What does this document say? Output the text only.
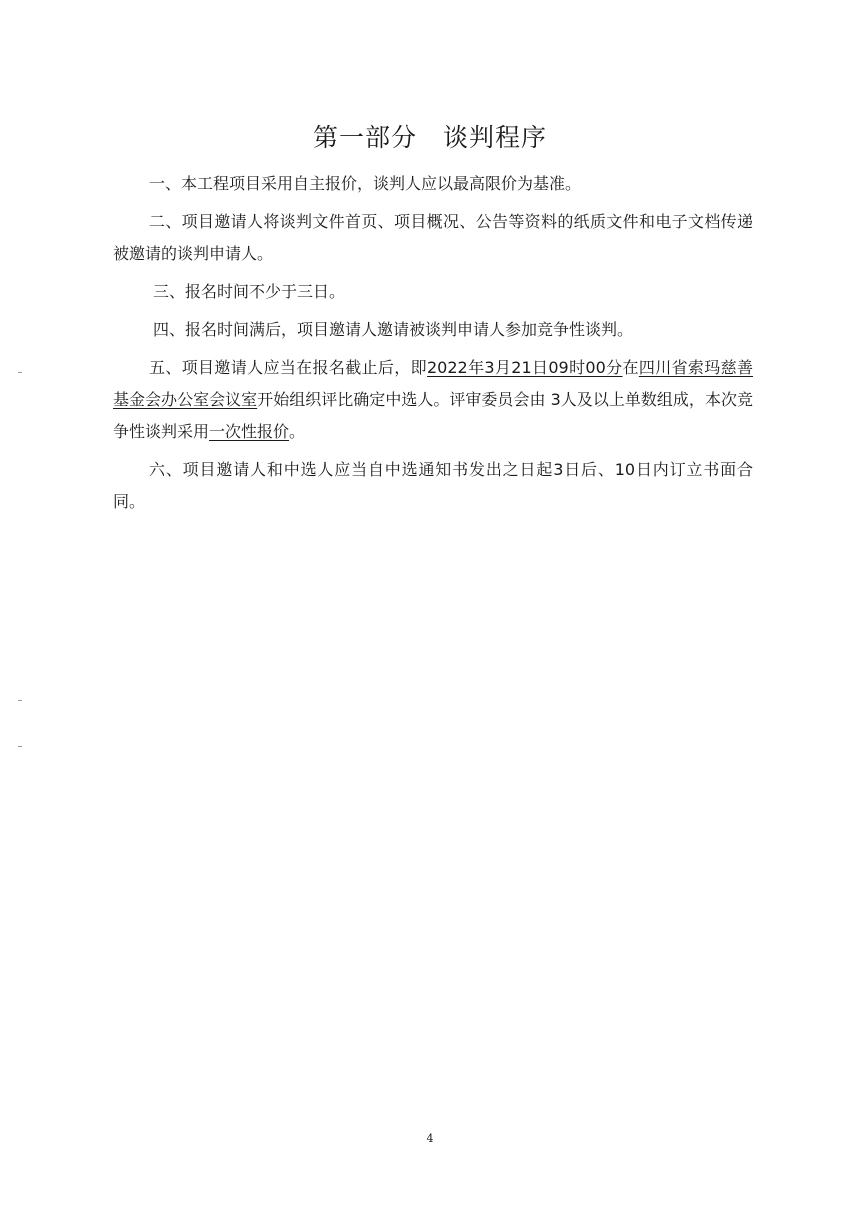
第一部分 谈判程序

一、本工程项目采用自主报价，谈判人应以最高限价为基准。

二、项目邀请人将谈判文件首页、项目概况、公告等资料的纸质文件和电子文档传递被邀请的谈判申请人。

三、报名时间不少于三日。

四、报名时间满后，项目邀请人邀请被谈判申请人参加竞争性谈判。

五、项目邀请人应当在报名截止后，即2022年3月21日09时00分在四川省索玛慈善基金会办公室会议室开始组织评比确定中选人。评审委员会由 3人及以上单数组成，本次竞争性谈判采用一次性报价。

六、项目邀请人和中选人应当自中选通知书发出之日起3日后、10日内订立书面合同。

4
